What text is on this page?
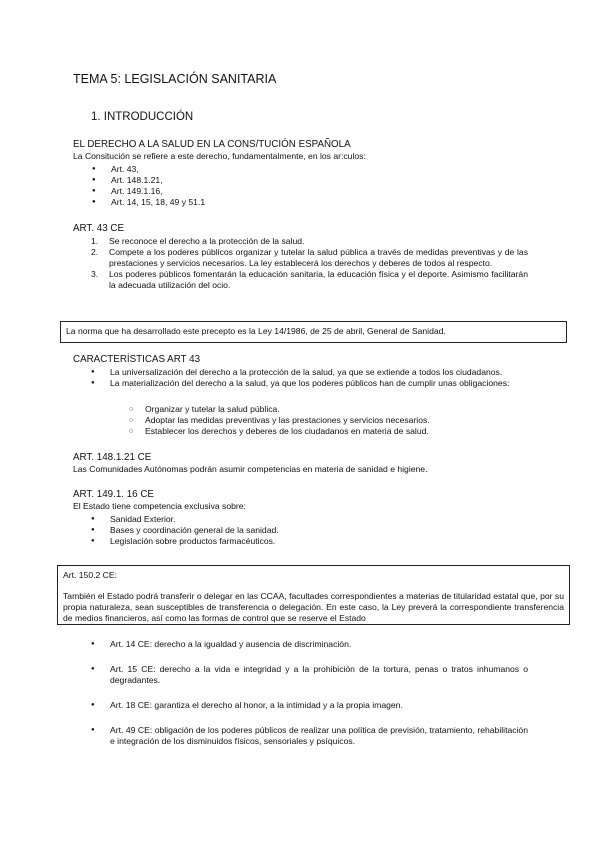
TEMA 5: LEGISLACIÓN SANITARIA
1. INTRODUCCIÓN
EL DERECHO A LA SALUD EN LA CONS/TUCIÓN ESPAÑOLA
La Consitución se refiere a este derecho, fundamentalmente, en los ar:culos:
● Art. 43,
● Art. 148.1.21,
● Art. 149.1.16,
● Art. 14, 15, 18, 49 y 51.1
ART. 43 CE
1. Se reconoce el derecho a la protección de la salud.
2. Compete a los poderes públicos organizar y tutelar la salud pública a través de medidas preventivas y de las prestaciones y servicios necesarios. La ley establecerá los derechos y deberes de todos al respecto.
3. Los poderes públicos fomentarán la educación sanitaria, la educación física y el deporte. Asimismo facilitarán la adecuada utilización del ocio.
La norma que ha desarrollado este precepto es la Ley 14/1986, de 25 de abril, General de Sanidad.
CARACTERÍSTICAS ART 43
● La universalización del derecho a la protección de la salud, ya que se extiende a todos los ciudadanos.
● La materialización del derecho a la salud, ya que los poderes públicos han de cumplir unas obligaciones:
○ Organizar y tutelar la salud pública.
○ Adoptar las medidas preventivas y las prestaciones y servicios necesarios.
○ Establecer los derechos y deberes de los ciudadanos en materia de salud.
ART. 148.1.21 CE
Las Comunidades Autónomas podrán asumir competencias en materia de sanidad e higiene.
ART. 149.1. 16 CE
El Estado tiene competencia exclusiva sobre:
● Sanidad Exterior.
● Bases y coordinación general de la sanidad.
● Legislación sobre productos farmacéuticos.
Art. 150.2 CE:
También el Estado podrá transferir o delegar en las CCAA, facultades correspondientes a materias de titularidad estatal que, por su propia naturaleza, sean susceptibles de transferencia o delegación. En este caso, la Ley preverá la correspondiente transferencia de medios financieros, así como las formas de control que se reserve el Estado
● Art. 14 CE: derecho a la igualdad y ausencia de discriminación.
● Art. 15 CE: derecho a la vida e integridad y a la prohibición de la tortura, penas o tratos inhumanos o degradantes.
● Art. 18 CE: garantiza el derecho al honor, a la intimidad y a la propia imagen.
● Art. 49 CE: obligación de los poderes públicos de realizar una política de previsión, tratamiento, rehabilitación e integración de los disminuidos físicos, sensoriales y psíquicos.
